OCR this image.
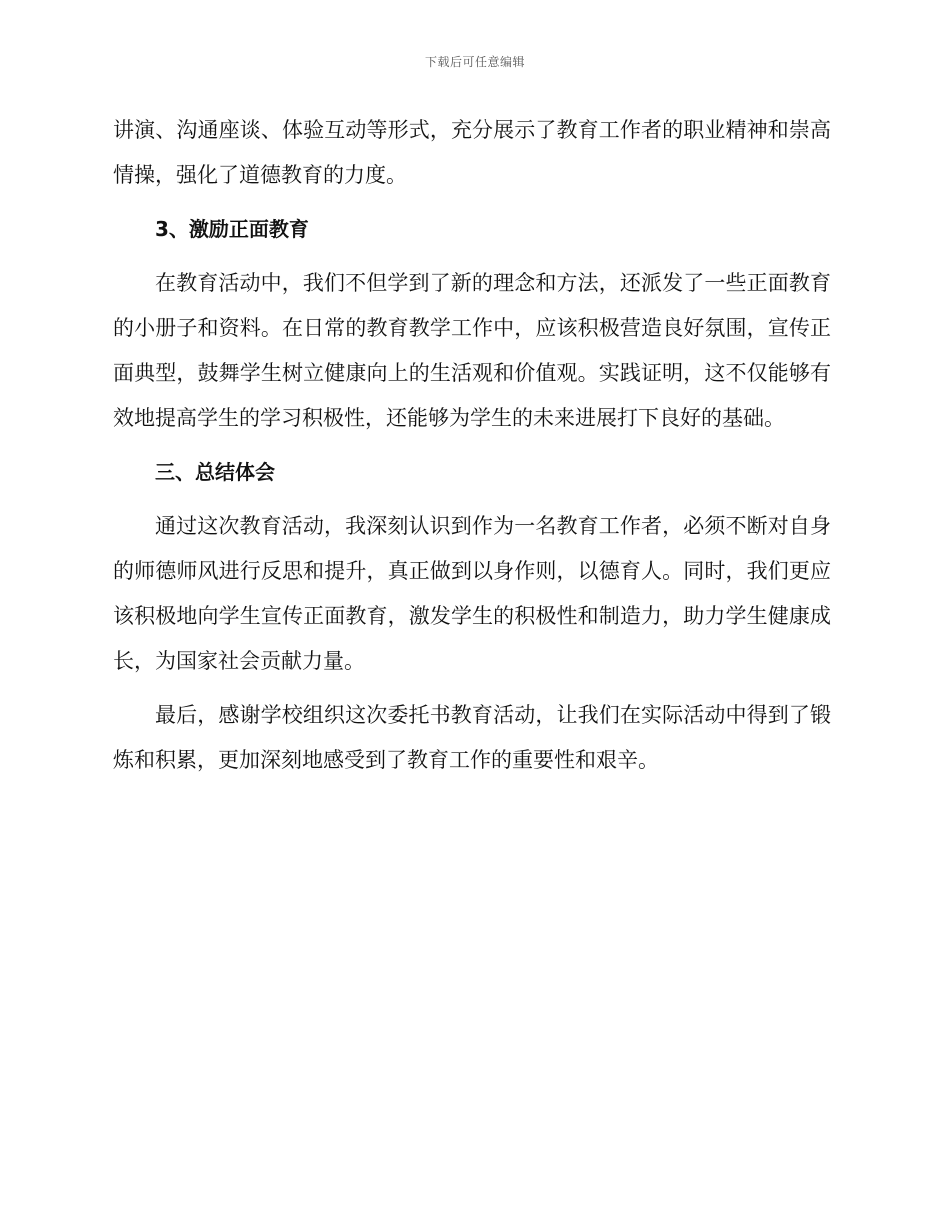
下载后可任意编辑

讲演、沟通座谈、体验互动等形式，充分展示了教育工作者的职业精神和崇高情操，强化了道德教育的力度。

3、激励正面教育

在教育活动中，我们不但学到了新的理念和方法，还派发了一些正面教育的小册子和资料。在日常的教育教学工作中，应该积极营造良好氛围，宣传正面典型，鼓舞学生树立健康向上的生活观和价值观。实践证明，这不仅能够有效地提高学生的学习积极性，还能够为学生的未来进展打下良好的基础。

三、总结体会

通过这次教育活动，我深刻认识到作为一名教育工作者，必须不断对自身的师德师风进行反思和提升，真正做到以身作则，以德育人。同时，我们更应该积极地向学生宣传正面教育，激发学生的积极性和制造力，助力学生健康成长，为国家社会贡献力量。

最后，感谢学校组织这次委托书教育活动，让我们在实际活动中得到了锻炼和积累，更加深刻地感受到了教育工作的重要性和艰辛。
